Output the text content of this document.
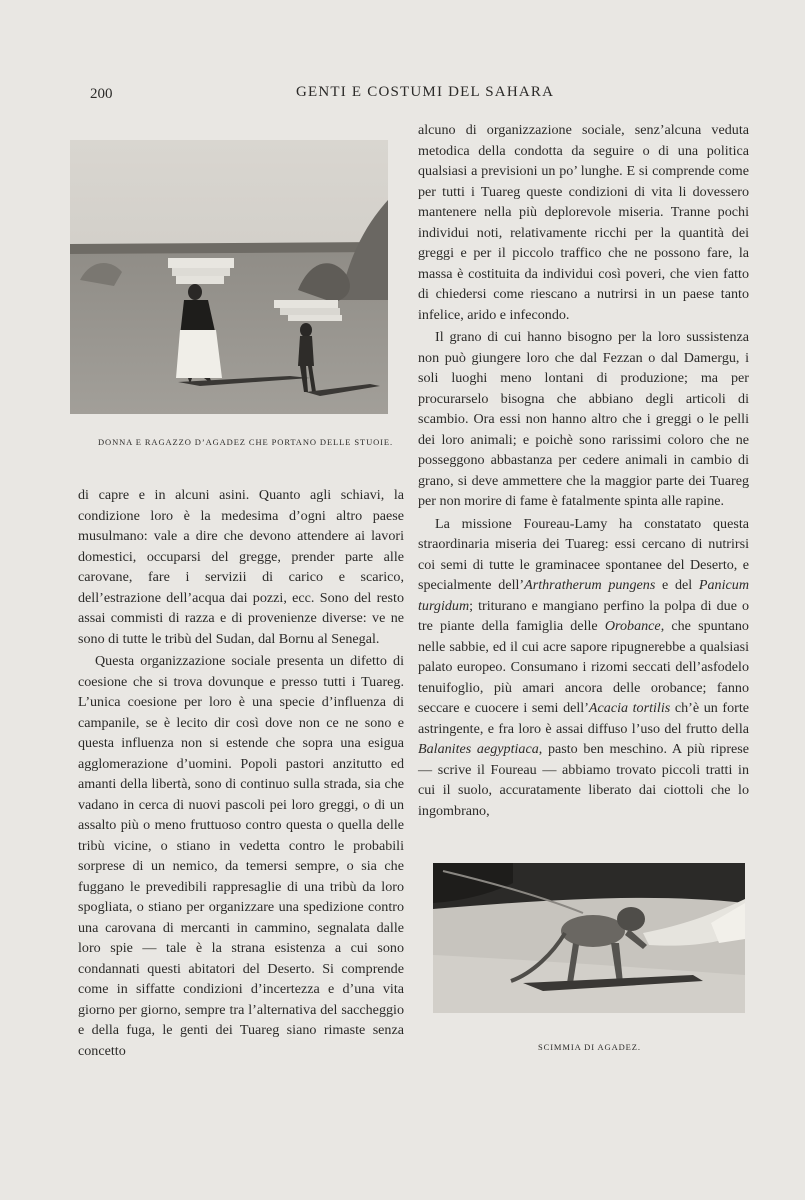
200	GENTI E COSTUMI DEL SAHARA
DONNA E RAGAZZO D’AGADEZ CHE PORTANO DELLE STUOIE.

di capre e in alcuni asini. Quanto agli schiavi, la condizione loro è la medesima d’ogni altro paese musulmano: vale a dire che devono attendere ai lavori domestici, occuparsi del gregge, prender parte alle carovane, fare i servizii di carico e scarico, dell’estrazione dell’acqua dai pozzi, ecc. Sono del resto assai commisti di razza e di provenienze diverse: ve ne sono di tutte le tribù del Sudan, dal Bornu al Senegal.

Questa organizzazione sociale presenta un difetto di coesione che si trova dovunque e presso tutti i Tuareg. L’unica coesione per loro è una specie d’influenza di campanile, se è lecito dir così dove non ce ne sono e questa influenza non si estende che sopra una esigua agglomerazione d’uomini. Popoli pastori anzitutto ed amanti della libertà, sono di continuo sulla strada, sia che vadano in cerca di nuovi pascoli pei loro greggi, o di un assalto più o meno fruttuoso contro questa o quella delle tribù vicine, o stiano in vedetta contro le probabili sorprese di un nemico, da temersi sempre, o sia che fuggano le prevedibili rappresaglie di una tribù da loro spogliata, o stiano per organizzare una spedizione contro una carovana di mercanti in cammino, segnalata dalle loro spie — tale è la strana esistenza a cui sono condannati questi abitatori del Deserto. Si comprende come in siffatte condizioni d’incertezza e d’una vita giorno per giorno, sempre tra l’alternativa del saccheggio e della fuga, le genti dei Tuareg siano rimaste senza concetto

alcuno di organizzazione sociale, senz’alcuna veduta metodica della condotta da seguire o di una politica qualsiasi a previsioni un po’ lunghe. E si comprende come per tutti i Tuareg queste condizioni di vita li dovessero mantenere nella più deplorevole miseria. Tranne pochi individui noti, relativamente ricchi per la quantità dei greggi e per il piccolo traffico che ne possono fare, la massa è costituita da individui così poveri, che vien fatto di chiedersi come riescano a nutrirsi in un paese tanto infelice, arido e infecondo.

Il grano di cui hanno bisogno per la loro sussistenza non può giungere loro che dal Fezzan o dal Damergu, i soli luoghi meno lontani di produzione; ma per procurarselo bisogna che abbiano degli articoli di scambio. Ora essi non hanno altro che i greggi o le pelli dei loro animali; e poichè sono rarissimi coloro che ne posseggono abbastanza per cedere animali in cambio di grano, si deve ammettere che la maggior parte dei Tuareg per non morire di fame è fatalmente spinta alle rapine.

La missione Foureau-Lamy ha constatato questa straordinaria miseria dei Tuareg: essi cercano di nutrirsi coi semi di tutte le graminacee spontanee del Deserto, e specialmente dell’Arthratherum pungens e del Panicum turgidum; triturano e mangiano perfino la polpa di due o tre piante della famiglia delle Orobance, che spuntano nelle sabbie, ed il cui acre sapore ripugnerebbe a qualsiasi palato europeo. Consumano i rizomi seccati dell’asfodelo tenuifoglio, più amari ancora delle orobance; fanno seccare e cuocere i semi dell’Acacia tortilis ch’è un forte astringente, e fra loro è assai diffuso l’uso del frutto della Balanites aegyptiaca, pasto ben meschino. A più riprese — scrive il Foureau — abbiamo trovato piccoli tratti in cui il suolo, accuratamente liberato dai ciottoli che lo ingombrano,

SCIMMIA DI AGADEZ.
